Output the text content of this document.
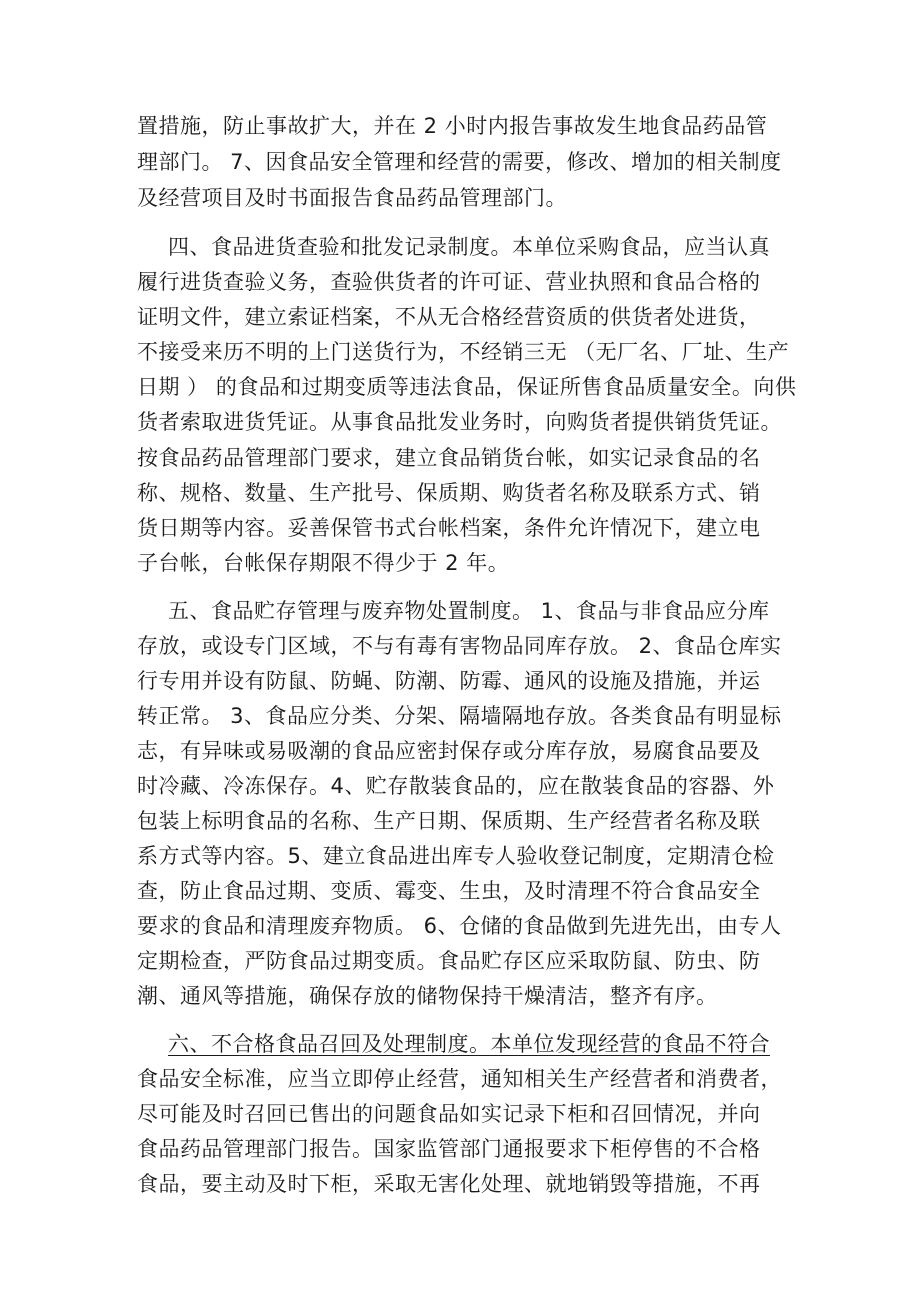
置措施，防止事故扩大，并在 2 小时内报告事故发生地食品药品管
理部门。 7、因食品安全管理和经营的需要，修改、增加的相关制度
及经营项目及时书面报告食品药品管理部门。
四、食品进货查验和批发记录制度。本单位采购食品，应当认真
履行进货查验义务，查验供货者的许可证、营业执照和食品合格的
证明文件，建立索证档案，不从无合格经营资质的供货者处进货，
不接受来历不明的上门送货行为，不经销三无 （无厂名、厂址、生产
日期 ） 的食品和过期变质等违法食品，保证所售食品质量安全。向供
货者索取进货凭证。从事食品批发业务时，向购货者提供销货凭证。
按食品药品管理部门要求，建立食品销货台帐，如实记录食品的名
称、规格、数量、生产批号、保质期、购货者名称及联系方式、销
货日期等内容。妥善保管书式台帐档案，条件允许情况下，建立电
子台帐，台帐保存期限不得少于 2 年。
五、食品贮存管理与废弃物处置制度。 1、食品与非食品应分库
存放，或设专门区域，不与有毒有害物品同库存放。 2、食品仓库实
行专用并设有防鼠、防蝇、防潮、防霉、通风的设施及措施，并运
转正常。 3、食品应分类、分架、隔墙隔地存放。各类食品有明显标
志，有异味或易吸潮的食品应密封保存或分库存放，易腐食品要及
时冷藏、冷冻保存。4、贮存散装食品的，应在散装食品的容器、外
包装上标明食品的名称、生产日期、保质期、生产经营者名称及联
系方式等内容。5、建立食品进出库专人验收登记制度，定期清仓检
查，防止食品过期、变质、霉变、生虫，及时清理不符合食品安全
要求的食品和清理废弃物质。 6、仓储的食品做到先进先出，由专人
定期检查，严防食品过期变质。食品贮存区应采取防鼠、防虫、防
潮、通风等措施，确保存放的储物保持干燥清洁，整齐有序。
六、不合格食品召回及处理制度。本单位发现经营的食品不符合
食品安全标准，应当立即停止经营，通知相关生产经营者和消费者，
尽可能及时召回已售出的问题食品如实记录下柜和召回情况，并向
食品药品管理部门报告。国家监管部门通报要求下柜停售的不合格
食品，要主动及时下柜，采取无害化处理、就地销毁等措施，不再
